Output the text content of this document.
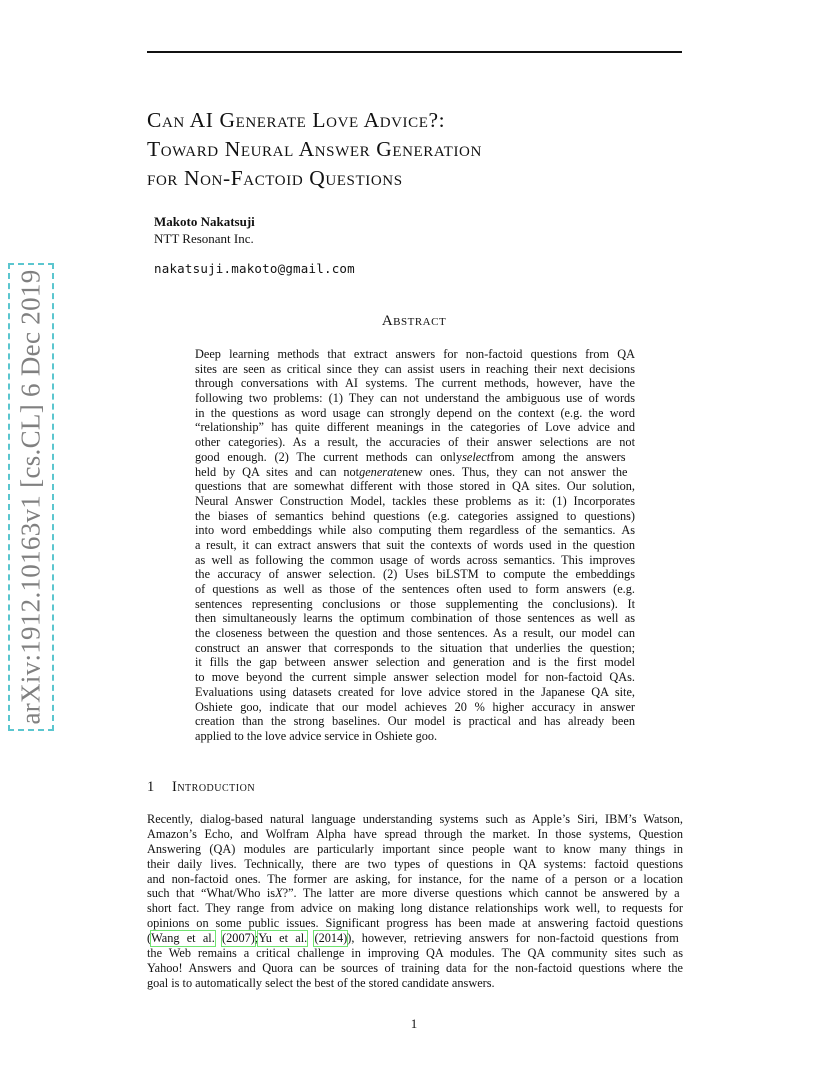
arXiv:1912.10163v1 [cs.CL] 6 Dec 2019
Can AI Generate Love Advice?:
Toward Neural Answer Generation
for Non-Factoid Questions
Makoto Nakatsuji
NTT Resonant Inc.
nakatsuji.makoto@gmail.com
Abstract
Deep learning methods that extract answers for non-factoid questions from QA
sites are seen as critical since they can assist users in reaching their next decisions
through conversations with AI systems. The current methods, however, have the
following two problems: (1) They can not understand the ambiguous use of words
in the questions as word usage can strongly depend on the context (e.g. the word
“relationship” has quite different meanings in the categories of Love advice and
other categories). As a result, the accuracies of their answer selections are not
good enough. (2) The current methods can onlyselectfrom among the answers
held by QA sites and can notgeneratenew ones. Thus, they can not answer the
questions that are somewhat different with those stored in QA sites. Our solution,
Neural Answer Construction Model, tackles these problems as it: (1) Incorporates
the biases of semantics behind questions (e.g. categories assigned to questions)
into word embeddings while also computing them regardless of the semantics. As
a result, it can extract answers that suit the contexts of words used in the question
as well as following the common usage of words across semantics. This improves
the accuracy of answer selection. (2) Uses biLSTM to compute the embeddings
of questions as well as those of the sentences often used to form answers (e.g.
sentences representing conclusions or those supplementing the conclusions). It
then simultaneously learns the optimum combination of those sentences as well as
the closeness between the question and those sentences. As a result, our model can
construct an answer that corresponds to the situation that underlies the question;
it fills the gap between answer selection and generation and is the first model
to move beyond the current simple answer selection model for non-factoid QAs.
Evaluations using datasets created for love advice stored in the Japanese QA site,
Oshiete goo, indicate that our model achieves 20 % higher accuracy in answer
creation than the strong baselines. Our model is practical and has already been
applied to the love advice service in Oshiete goo.
1 Introduction
Recently, dialog-based natural language understanding systems such as Apple’s Siri, IBM’s Watson,
Amazon’s Echo, and Wolfram Alpha have spread through the market. In those systems, Question
Answering (QA) modules are particularly important since people want to know many things in
their daily lives. Technically, there are two types of questions in QA systems: factoid questions
and non-factoid ones. The former are asking, for instance, for the name of a person or a location
such that “What/Who isX?”. The latter are more diverse questions which cannot be answered by a
short fact. They range from advice on making long distance relationships work well, to requests for
opinions on some public issues. Significant progress has been made at answering factoid questions
(Wang et al. (2007);Yu et al. (2014)), however, retrieving answers for non-factoid questions from
the Web remains a critical challenge in improving QA modules. The QA community sites such as
Yahoo! Answers and Quora can be sources of training data for the non-factoid questions where the
goal is to automatically select the best of the stored candidate answers.
1
